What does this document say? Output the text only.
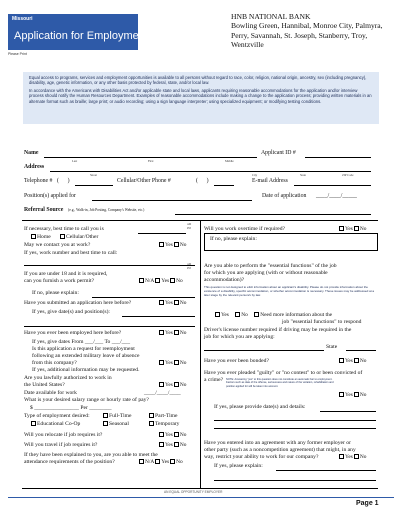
Missouri
Application for Employment
Please Print
HNB NATIONAL BANK
Bowling Green, Hannibal, Monroe City, Palmyra, Perry, Savannah, St. Joseph, Stanberry, Troy, Wentzville

Equal access to programs, services and employment opportunities is available to all persons without regard to race, color, religion, national origin, ancestry, sex (including pregnancy), disability, age, genetic information, or any other basis protected by federal, state, and/or local law.

In accordance with the Americans with Disabilities Act and/or applicable state and local laws, applicants requiring reasonable accommodations for the application and/or interview process should notify the Human Resources Department. Examples of reasonable accommodations include making a change to the application process; providing written materials in an alternate format such as braille; large print; or audio recording; using a sign language interpreter; using specialized equipment; or modifying testing conditions.

Name
Last	First	Middle
Applicant ID #
Address
Street	City	State	ZIP Code
Telephone # (      )	Cellular/Other Phone #	(      )	E-mail Address
Position(s) applied for	Date of application ____/____/_____
Referral Source (e.g., Walk-in, Job Posting, Company's Website, etc.)
AM
PM
If necessary, best time to call you is
Home	Cellular/Other
May we contact you at work?	Yes No
If yes, work number and best time to call:
AM
PM
If you are under 18 and it is required,
can you furnish a work permit?	N/A Yes No
If no, please explain:
Have you submitted an application here before?	Yes No
If yes, give date(s) and position(s):
Have you ever been employed here before?	Yes No
If yes, give dates From ___/___ To ___/___
Is this application a request for reemployment
following an extended military leave of absence
from this company?	Yes No
If yes, additional information may be requested.
Are you lawfully authorized to work in
the United States?	Yes No
Date available for work	____/____/____
What is your desired salary range or hourly rate of pay?
$ ________________ Per ________
Type of employment desired:	Full-Time	Part-Time
Educational Co-Op	Seasonal	Temporary
Will you relocate if job requires it?	Yes No
Will you travel if job requires it?	Yes No
If they have been explained to you, are you able to meet the
attendance requirements of the position?	N/A Yes No
Will you work overtime if required?	Yes No
If no, please explain:
Are you able to perform the "essential functions" of the job
for which you are applying (with or without reasonable
accommodation)?
This question is not designed to elicit information about an applicant's disability. Please do not provide information about the existence of a disability, specific accommodation, or whether accommodation is necessary. These issues may be addressed at a later stage by the relevant person/s by law.
Yes No Need more information about the
job "essential functions" to respond
Driver's license number required if driving may be required in the
job for which you are applying:
State
Have you ever been bonded?	Yes No
Have you ever pleaded "guilty" or "no contest" to or been convicted of
a crime? NOTE: Answering "yes" to this question does not constitute an automatic bar to employment. Factors such as date of the offense, seriousness and nature of the violation, rehabilitation and position applied for will be taken into account.
Yes No
If yes, please provide date(s) and details:
Have you entered into an agreement with any former employer or
other party (such as a noncompetition agreement) that might, in any
way, restrict your ability to work for our company?	Yes No
If yes, please explain:
AN EQUAL OPPORTUNITY EMPLOYER
Page 1
